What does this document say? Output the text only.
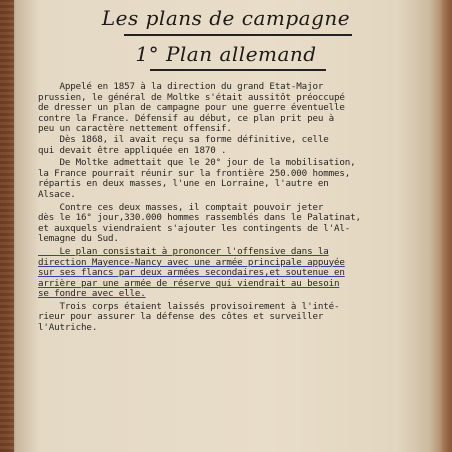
Les plans de campagne
1° Plan allemand
Appelé en 1857 à la direction du grand Etat-Major
prussien, le général de Moltke s'était aussitôt préoccupé
de dresser un plan de campagne pour une guerre éventuelle
contre la France. Défensif au début, ce plan prit peu à
peu un caractère nettement offensif.
Dès 1868, il avait reçu sa forme définitive, celle
qui devait être appliquée en 1870 .
De Moltke admettait que le 20° jour de la mobilisation,
la France pourrait réunir sur la frontière 250.000 hommes,
répartis en deux masses, l'une en Lorraine, l'autre en
Alsace.
Contre ces deux masses, il comptait pouvoir jeter
dès le 16° jour,330.000 hommes rassemblés dans le Palatinat,
et auxquels viendraient s'ajouter les contingents de l'Al-
lemagne du Sud.
Le plan consistait à prononcer l'offensive dans la
direction Mayence-Nancy avec une armée principale appuyée
sur ses flancs par deux armées secondaires,et soutenue en
arrière par une armée de réserve qui viendrait au besoin
se fondre avec elle.
Trois corps étaient laissés provisoirement à l'inté-
rieur pour assurer la défense des côtes et surveiller
l'Autriche.
